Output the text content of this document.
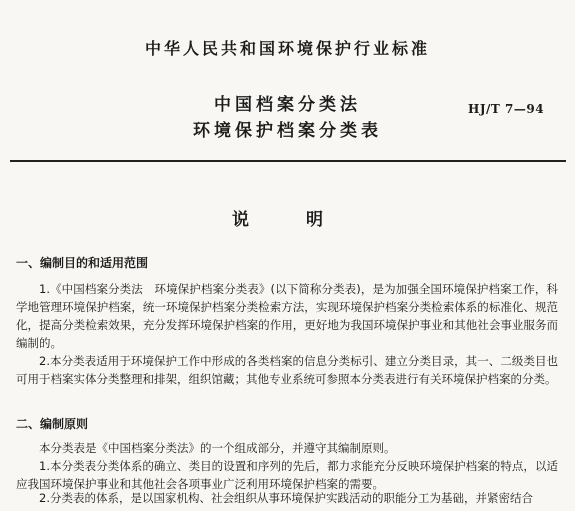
中华人民共和国环境保护行业标准
中国档案分类法
环境保护档案分类表
HJ/T 7—94
说　明
一、编制目的和适用范围
1.《中国档案分类法　环境保护档案分类表》(以下简称分类表)，是为加强全国环境保护档案工作，科学地管理环境保护档案，统一环境保护档案分类检索方法，实现环境保护档案分类检索体系的标准化、规范化，提高分类检索效果，充分发挥环境保护档案的作用，更好地为我国环境保护事业和其他社会事业服务而编制的。
2.本分类表适用于环境保护工作中形成的各类档案的信息分类标引、建立分类目录，其一、二级类目也可用于档案实体分类整理和排架，组织馆藏；其他专业系统可参照本分类表进行有关环境保护档案的分类。
二、编制原则
本分类表是《中国档案分类法》的一个组成部分，并遵守其编制原则。
1.本分类表分类体系的确立、类目的设置和序列的先后，都力求能充分反映环境保护档案的特点，以适应我国环境保护事业和其他社会各项事业广泛利用环境保护档案的需要。
2.分类表的体系，是以国家机构、社会组织从事环境保护实践活动的职能分工为基础，并紧密结合
